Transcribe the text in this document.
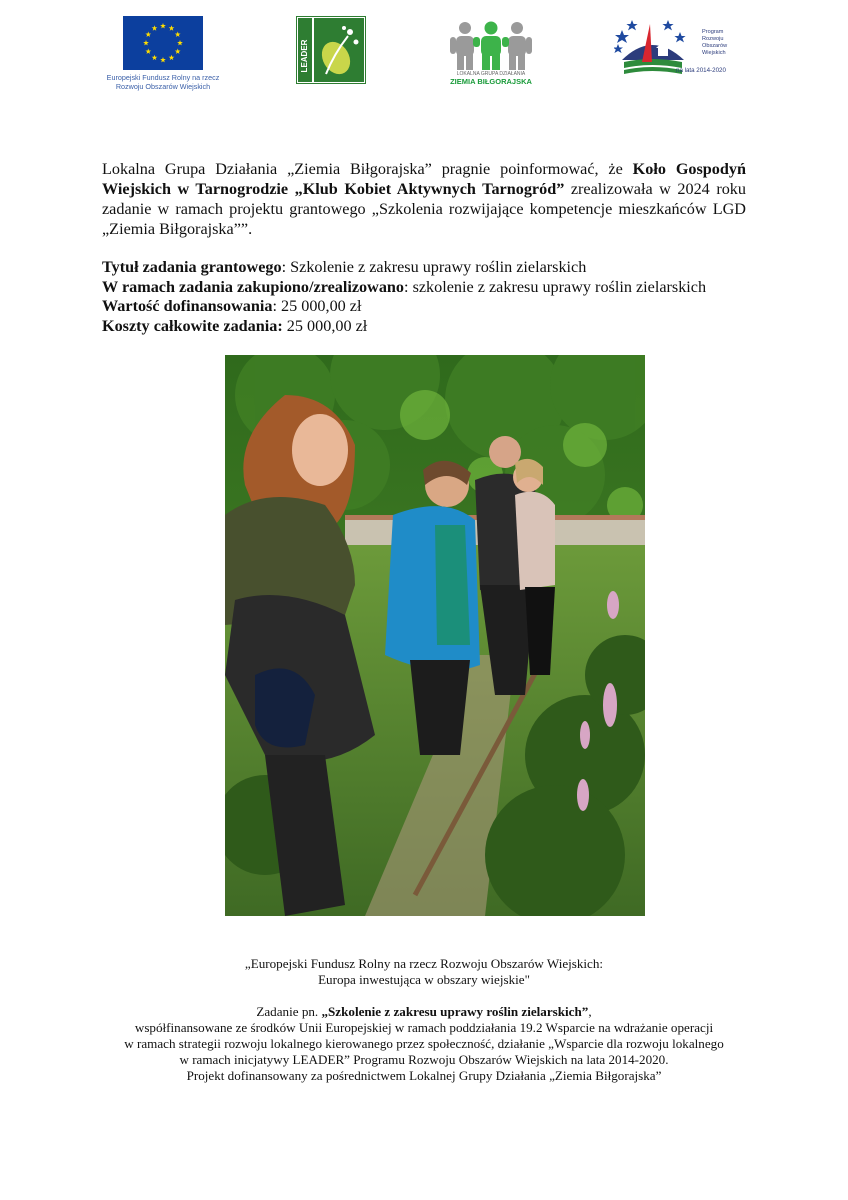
Europejski Fundusz Rolny na rzecz Rozwoju Obszarów Wiejskich
LEADER
LOKALNA GRUPA DZIAŁANIA
ZIEMIA BIŁGORAJSKA
Program
Rozwoju
Obszarów
Wiejskich
na lata 2014-2020
Lokalna Grupa Działania „Ziemia Biłgorajska” pragnie poinformować, że Koło Gospodyń Wiejskich w Tarnogrodzie „Klub Kobiet Aktywnych Tarnogród” zrealizowała w 2024 roku zadanie w ramach projektu grantowego „Szkolenia rozwijające kompetencje mieszkańców LGD „Ziemia Biłgorajska””.
Tytuł zadania grantowego: Szkolenie z zakresu uprawy roślin zielarskich
W ramach zadania zakupiono/zrealizowano: szkolenie z zakresu uprawy roślin zielarskich
Wartość dofinansowania: 25 000,00 zł
Koszty całkowite zadania: 25 000,00 zł

„Europejski Fundusz Rolny na rzecz Rozwoju Obszarów Wiejskich:

Europa inwestująca w obszary wiejskie"

Zadanie pn. „Szkolenie z zakresu uprawy roślin zielarskich”,

współfinansowane ze środków Unii Europejskiej w ramach poddziałania 19.2 Wsparcie na wdrażanie operacji

w ramach strategii rozwoju lokalnego kierowanego przez społeczność, działanie „Wsparcie dla rozwoju lokalnego

w ramach inicjatywy LEADER” Programu Rozwoju Obszarów Wiejskich na lata 2014-2020.

Projekt dofinansowany za pośrednictwem Lokalnej Grupy Działania „Ziemia Biłgorajska”
